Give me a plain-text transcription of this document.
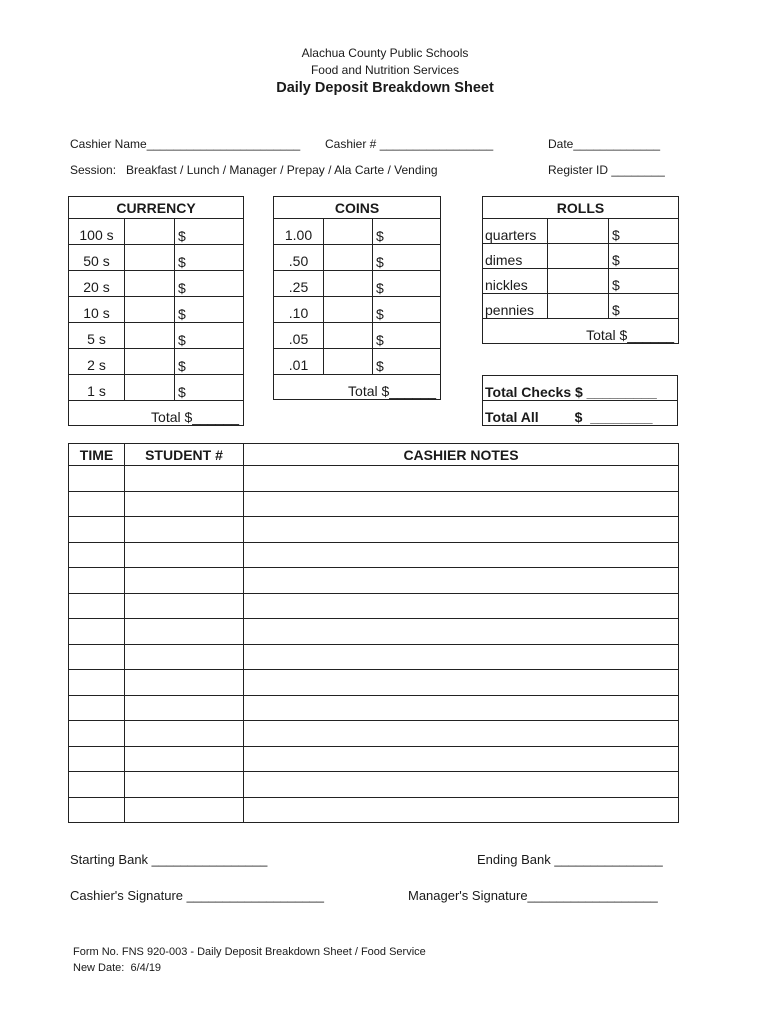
Alachua County Public Schools
Food and Nutrition Services
Daily Deposit Breakdown Sheet
Cashier Name_______________________ Cashier # _________________	Date_____________
Session:   Breakfast / Lunch / Manager / Prepay / Ala Carte / Vending	Register ID ________
CURRENCY		
100 s		$
50 s		$
20 s		$
10 s		$
5 s		$
2 s		$
1 s		$
Total $______		
COINS		
1.00		$
.50		$
.25		$
.10		$
.05		$
.01		$
Total $______		
ROLLS		
quarters		$
dimes		$
nickles		$
pennies		$
Total $______		
Total Checks $ _________
Total All	$  ________
TIME	STUDENT #	CASHIER NOTES

Starting Bank ________________	Ending Bank _______________
Cashier's Signature ___________________	Manager's Signature__________________
Form No. FNS 920-003 - Daily Deposit Breakdown Sheet / Food Service
New Date:  6/4/19
